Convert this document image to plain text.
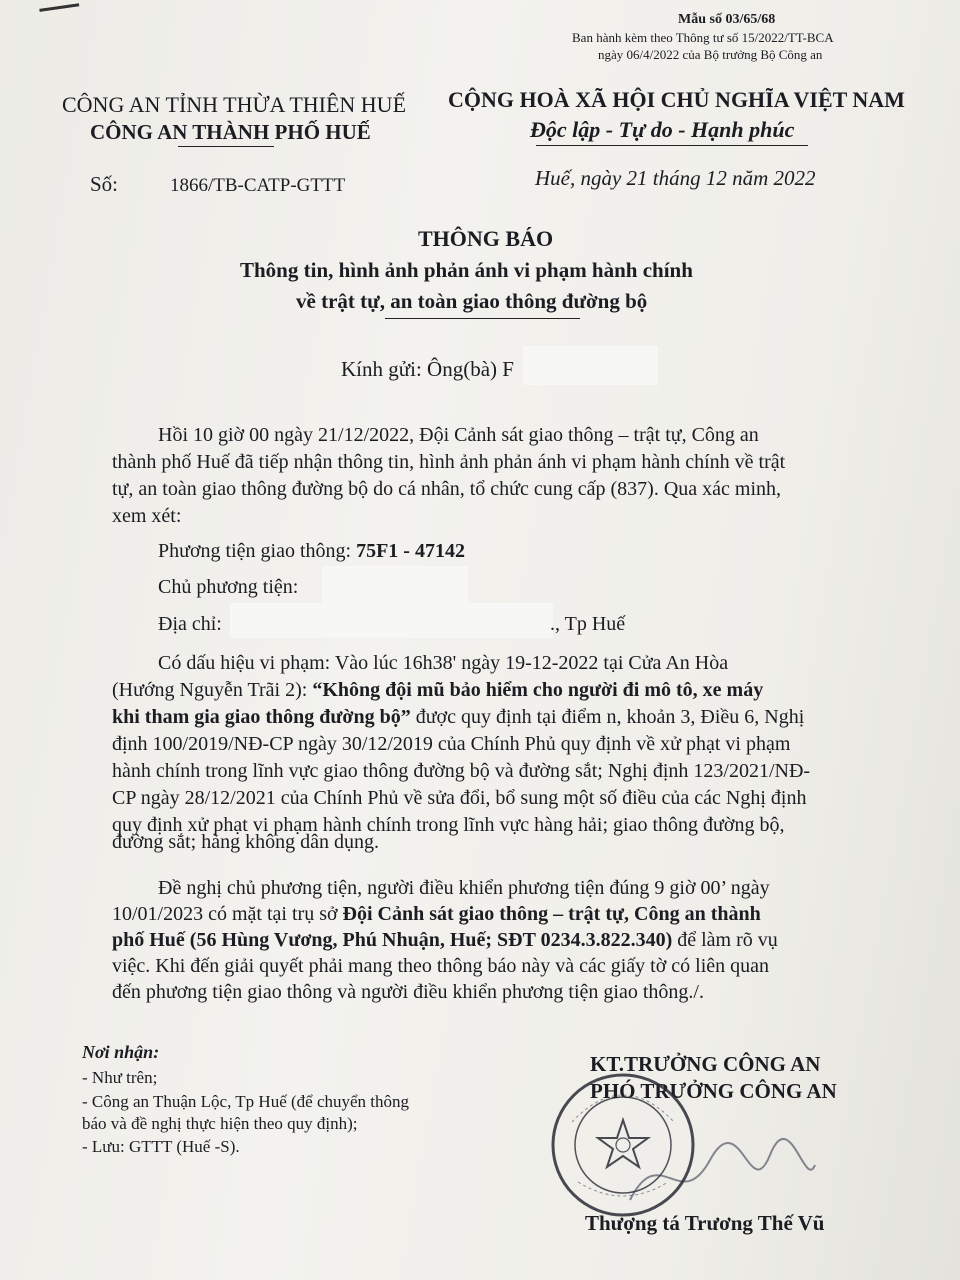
Mẫu số 03/65/68
Ban hành kèm theo Thông tư số 15/2022/TT-BCA
ngày 06/4/2022 của Bộ trưởng Bộ Công an
CÔNG AN TỈNH THỪA THIÊN HUẾ
CÔNG AN THÀNH PHỐ HUẾ
CỘNG HOÀ XÃ HỘI CHỦ NGHĨA VIỆT NAM
Độc lập - Tự do - Hạnh phúc
Số:	1866/TB-CATP-GTTT	Huế, ngày 21 tháng 12 năm 2022
THÔNG BÁO
Thông tin, hình ảnh phản ánh vi phạm hành chính
về trật tự, an toàn giao thông đường bộ
Kính gửi: Ông(bà) F
Hồi 10 giờ 00 ngày 21/12/2022, Đội Cảnh sát giao thông – trật tự, Công an
thành phố Huế đã tiếp nhận thông tin, hình ảnh phản ánh vi phạm hành chính về trật
tự, an toàn giao thông đường bộ do cá nhân, tổ chức cung cấp (837). Qua xác minh,
xem xét:
Phương tiện giao thông: 75F1 - 47142
Chủ phương tiện:
Địa chỉ:	., Tp Huế
Có dấu hiệu vi phạm: Vào lúc 16h38' ngày 19-12-2022 tại Cửa An Hòa
(Hướng Nguyễn Trãi 2): “Không đội mũ bảo hiểm cho người đi mô tô, xe máy
khi tham gia giao thông đường bộ” được quy định tại điểm n, khoản 3, Điều 6, Nghị
định 100/2019/NĐ-CP ngày 30/12/2019 của Chính Phủ quy định về xử phạt vi phạm
hành chính trong lĩnh vực giao thông đường bộ và đường sắt; Nghị định 123/2021/NĐ-
CP ngày 28/12/2021 của Chính Phủ về sửa đổi, bổ sung một số điều của các Nghị định
quy định xử phạt vi phạm hành chính trong lĩnh vực hàng hải; giao thông đường bộ,
đường sắt; hàng không dân dụng.
Đề nghị chủ phương tiện, người điều khiển phương tiện đúng 9 giờ 00’ ngày
10/01/2023 có mặt tại trụ sở Đội Cảnh sát giao thông – trật tự, Công an thành
phố Huế (56 Hùng Vương, Phú Nhuận, Huế; SĐT 0234.3.822.340) để làm rõ vụ
việc. Khi đến giải quyết phải mang theo thông báo này và các giấy tờ có liên quan
đến phương tiện giao thông và người điều khiển phương tiện giao thông./.
Nơi nhận:
- Như trên;
- Công an Thuận Lộc, Tp Huế (để chuyển thông
báo và đề nghị thực hiện theo quy định);
- Lưu: GTTT (Huế -S).
KT.TRƯỞNG CÔNG AN
PHÓ TRƯỞNG CÔNG AN
Thượng tá Trương Thế Vũ
